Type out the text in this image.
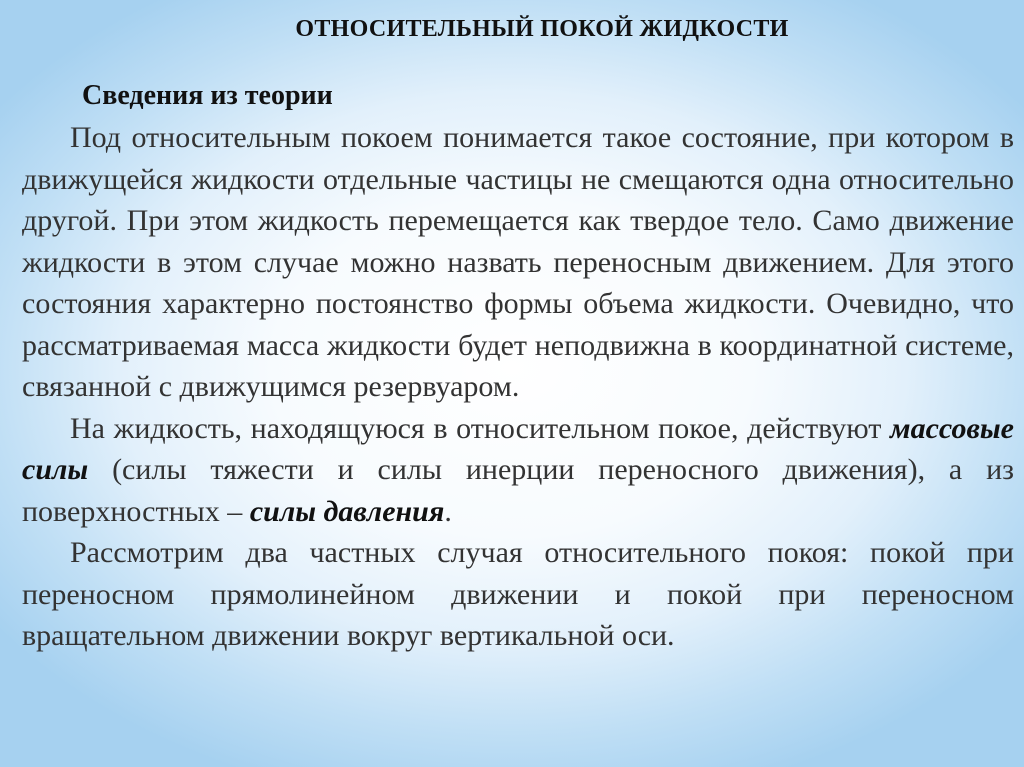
ОТНОСИТЕЛЬНЫЙ ПОКОЙ ЖИДКОСТИ
Сведения из теории

Под относительным покоем понимается такое состояние, при котором в движущейся жидкости отдельные частицы не смещаются одна относительно другой. При этом жидкость перемещается как твердое тело. Само движение жидкости в этом случае можно назвать переносным движением. Для этого состояния характерно постоянство формы объема жидкости. Очевидно, что рассматриваемая масса жидкости будет неподвижна в координатной системе, связанной с движущимся резервуаром.

На жидкость, находящуюся в относительном покое, действуют массовые силы (силы тяжести и силы инерции переносного движения), а из поверхностных – силы давления.

Рассмотрим два частных случая относительного покоя: покой при переносном прямолинейном движении и покой при переносном вращательном движении вокруг вертикальной оси.
